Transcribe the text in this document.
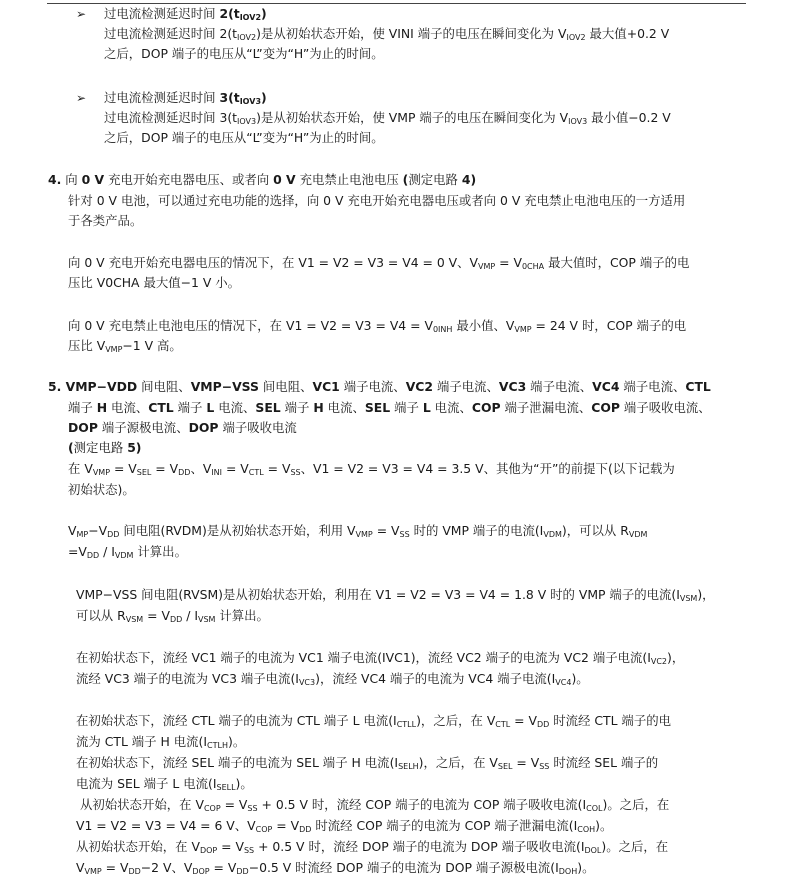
➢ 过电流检测延迟时间 $2(t_{IOV2})$
过电流检测延迟时间 $2(t_{IOV2})$是从初始状态开始，使 VINI 端子的电压在瞬间变化为 $V_{IOV2}$ 最大值+0.2 V
之后，DOP 端子的电压从“L”变为“H”为止的时间。
➢ 过电流检测延迟时间 $3(t_{IOV3})$
过电流检测延迟时间 $3(t_{IOV3})$是从初始状态开始，使 VMP 端子的电压在瞬间变化为 $V_{IOV3}$ 最小值−0.2 V
之后，DOP 端子的电压从“L”变为“H”为止的时间。
4. 向 0 V 充电开始充电器电压、或者向 0 V 充电禁止电池电压 (测定电路 4)
针对 0 V 电池，可以通过充电功能的选择，向 0 V 充电开始充电器电压或者向 0 V 充电禁止电池电压的一方适用
于各类产品。
向 0 V 充电开始充电器电压的情况下，在 V1 = V2 = V3 = V4 = 0 V、$V_{VMP} = V_{0CHA}$ 最大值时，COP 端子的电
压比 V0CHA 最大值−1 V 小。
向 0 V 充电禁止电池电压的情况下，在 $V1 = V2 = V3 = V4 = V_{0INH}$ 最小值、$V_{VMP} = 24$ V 时，COP 端子的电
压比 $V_{VMP}-1$ V 高。
5. VMP−VDD 间电阻、VMP−VSS 间电阻、VC1 端子电流、VC2 端子电流、VC3 端子电流、VC4 端子电流、CTL
端子 H 电流、CTL 端子 L 电流、SEL 端子 H 电流、SEL 端子 L 电流、COP 端子泄漏电流、COP 端子吸收电流、
DOP 端子源极电流、DOP 端子吸收电流
(测定电路 5)
在 $V_{VMP} = V_{SEL} = V_{DD}$、$V_{INI} = V_{CTL} = V_{SS}$、V1 = V2 = V3 = V4 = 3.5 V、其他为“开”的前提下(以下记载为
初始状态)。
$V_{MP}-V_{DD}$ 间电阻(RVDM)是从初始状态开始，利用 $V_{VMP} = V_{SS}$ 时的 VMP 端子的电流$(I_{VDM})$，可以从 $R_{VDM}$
$=V_{DD} / I_{VDM}$ 计算出。
VMP−VSS 间电阻(RVSM)是从初始状态开始，利用在 V1 = V2 = V3 = V4 = 1.8 V 时的 VMP 端子的电流$(I_{VSM})$，
可以从 $R_{VSM} = V_{DD} / I_{VSM}$ 计算出。
在初始状态下，流经 VC1 端子的电流为 VC1 端子电流(IVC1)，流经 VC2 端子的电流为 VC2 端子电流$(I_{VC2})$，
流经 VC3 端子的电流为 VC3 端子电流$(I_{VC3})$，流经 VC4 端子的电流为 VC4 端子电流$(I_{VC4})$。
在初始状态下，流经 CTL 端子的电流为 CTL 端子 L 电流$(I_{CTLL})$，之后，在 $V_{CTL} = V_{DD}$ 时流经 CTL 端子的电
流为 CTL 端子 H 电流$(I_{CTLH})$。
在初始状态下，流经 SEL 端子的电流为 SEL 端子 H 电流$(I_{SELH})$，之后，在 $V_{SEL} = V_{SS}$ 时流经 SEL 端子的
电流为 SEL 端子 L 电流$(I_{SELL})$。
从初始状态开始，在 $V_{COP} = V_{SS} + 0.5$ V 时，流经 COP 端子的电流为 COP 端子吸收电流$(I_{COL})$。之后，在
V1 = V2 = V3 = V4 = 6 V、$V_{COP} = V_{DD}$ 时流经 COP 端子的电流为 COP 端子泄漏电流$(I_{COH})$。
从初始状态开始，在 $V_{DOP} = V_{SS} + 0.5$ V 时，流经 DOP 端子的电流为 DOP 端子吸收电流$(I_{DOL})$。之后，在
$V_{VMP} = V_{DD}-2$ V、$V_{DOP} = V_{DD}-0.5$ V 时流经 DOP 端子的电流为 DOP 端子源极电流$(I_{DOH})$。
